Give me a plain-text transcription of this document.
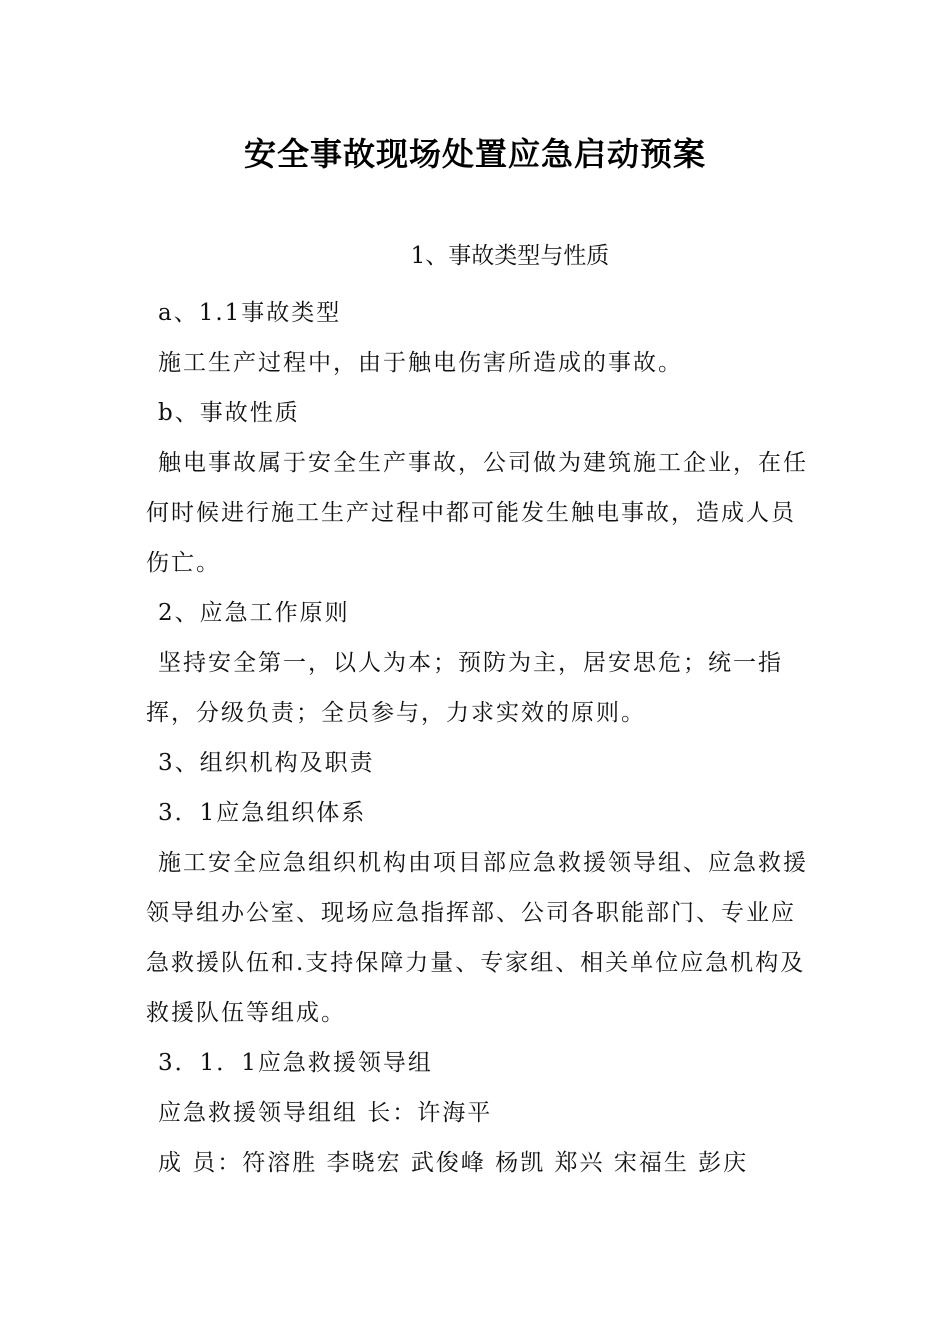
安全事故现场处置应急启动预案
1、事故类型与性质
a、1.1事故类型
施工生产过程中，由于触电伤害所造成的事故。
b、事故性质
触电事故属于安全生产事故，公司做为建筑施工企业，在任何时候进行施工生产过程中都可能发生触电事故，造成人员伤亡。
2、应急工作原则
坚持安全第一，以人为本；预防为主，居安思危；统一指挥，分级负责；全员参与，力求实效的原则。
3、组织机构及职责
3．1应急组织体系
施工安全应急组织机构由项目部应急救援领导组、应急救援领导组办公室、现场应急指挥部、公司各职能部门、专业应急救援队伍和.支持保障力量、专家组、相关单位应急机构及救援队伍等组成。
3．1．1应急救援领导组
应急救援领导组组 长：许海平
成 员：符溶胜 李晓宏 武俊峰 杨凯 郑兴 宋福生 彭庆
